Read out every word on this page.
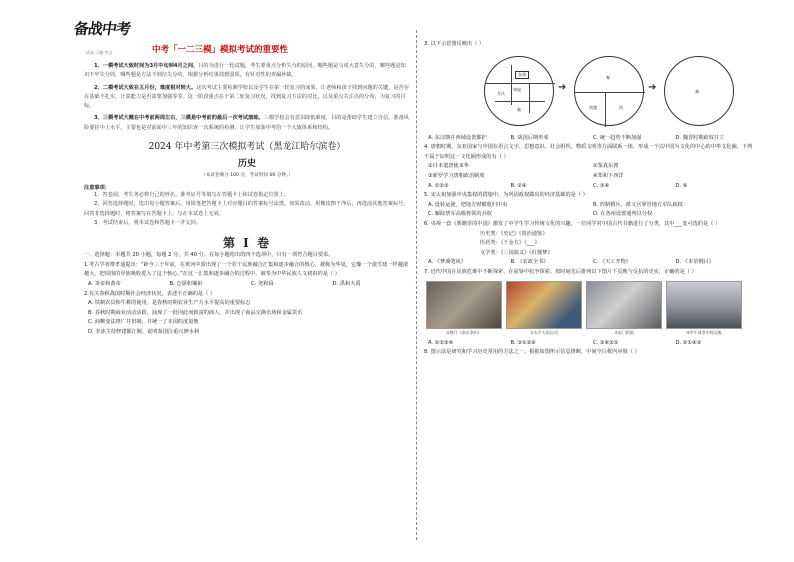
备战中考
试卷·习题·考点	中考「一二三模」模拟考试的重要性
1、一模考试大致时间为3月中旬到4月之间，目的为进行一轮试题，考生要重点分析失分的原因，哪些题是马虎大意失分的，哪些题是知识不牢失分的，哪些题是方法不到位失分的。根据分析结果找到弱项，有针对性的查漏补缺。
2、二模考试大致在五月份，难度相对较大。这次考试主要检测学校以及学生在第一轮复习的成果，让老师和孩子找到问题的关键，是否存在基础不扎实，计算能力是否需要加强等等。这一阶段重点在于第二轮复习状况，找到复习方法的对比，以及重点关注点的分布，为复习的目标。
3、三模考试大概在中考前两周左右，三模是中考前的最后一次考试演练。三模学校会有意识降低难度，目的是帮助学生建立自信，准备风险要挂中上水平，主要也是对前面中三年的知识查一次系统的检测，让学生加油中考的一个大致体系和结构。
2024 年中考第三次模拟考试（黑龙江哈尔滨卷）
历史
（本试卷满分 100 分，考试时间 60 分钟。）
注意事项：
1、答卷前，考生务必将自己的姓名、准考证号等填写在答题卡上和试卷指定位置上。
2、回答选择题时，选出每小题答案后，用铅笔把答题卡上对应题目的答案标号涂黑。如需改动，用橡皮擦干净后，再选涂其他答案标号。回答非选择题时，将答案写在答题卡上。写在本试卷上无效。
3、考试结束后，将本试卷和答题卡一并交回。
第 I 卷
一、选择题：本题共 20 小题，每题 2 分，共 40 分。在每小题给出的四个选项中，只有一项符合题目要求。
1.考古学者费孝通提出：“距今三千年前，在黄河中游出现了一个若干民族融合汇集和逐步融合的核心，被称为华夏，它像一个滚雪球一样越滚越大，把周围的异族吸收进入了这个核心。”在这一汇集和逐步融合的过程中，被奉为中华民族人文初祖的是（ ）
A. 炎帝和黄帝	B. 仓颉和嫘祖	C. 尧和舜	D. 禹和大禹
2.有关春秋战国时期社会经济状况，表述不正确的是（ ）
A. 铁制农具和牛耕的使用，是春秋时期农业生产力水平提高的重要标志
B. 春秋时期商业活动活跃，涌现了一批因此而致富的商人，并出现了商品交换市场和金属货币
C. 商鞅变法推广井田制，并统一了本国的度量衡
D. 李冰主持修建都江堰，说明秦国注重兴修水利
3. 以下示意图反映出（ ）
东胡
匈奴
月氏
秦
➔
秦
南越	西
➔	秦
A. 东汉朝在西域设置都护	B. 战国后期形成	C. 统一趋势不断加强	D. 魏晋时期政权并立
4. 唐朝时期，东亚国家与中国在语言文字、思想意识、社会组织、物质文明等方面联系一体，形成一个以中国为文化的中心的中华文化圈。下列不属于证明这一文化圈形成的有（ ）
①日本遣唐使来华	②鉴真东渡
③新罗学习唐朝政治制度	④郑和下西洋
A. ①②③	B. ②④	C. ③④	D. ④
5. 宋太祖加强中央集权的措施中，为巩固政权做出的经济基础的是（ ）
A. 设转运使，把地方财赋收归中央	B. 控制精兵，派文官掌管地方军队政权
C. 解除禁军高级将领的兵权	D. 在各州设置通判以分权
6. 央视一套《典籍里的中国》激发了中学生学习传统文化的兴趣，一位同学对中国古代书籍进行了分类，其中___处可选的是（ ）
历史类：《史记》《资治通鉴》
医药类：《千金方》《___》
文学类：《三国演义》《红楼梦》
A. 《梦溪笔谈》	B. 《农政全书》	C. 《天工开物》	D. 《本草纲目》
7. 近代中国在民族危难中不断探索，在屈辱中抗争探索。按时间先后排列以下图片下反映与反抗的史实，正确的是（ ）
①签订《南京条约》	②太平天国运动	③虎门销烟	④甲午战争中致远舰
A. ①②③④	B. ③①②④	C. ③④②①	D. ②①④③
8. 图示法是研究和学习历史常用的方法之一。根据如图所示信息推断，中间空白框内应填（ ）
